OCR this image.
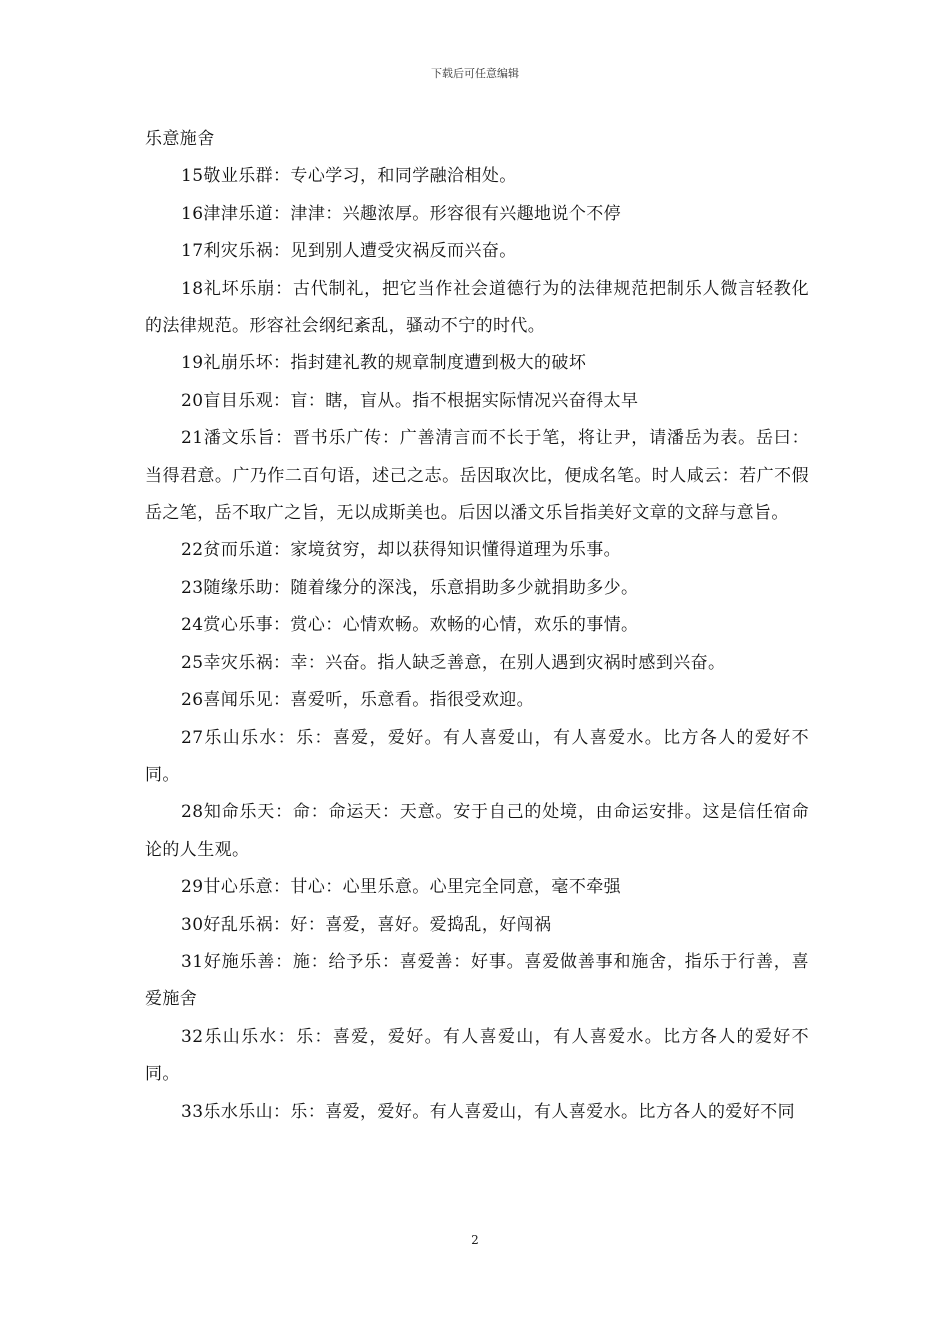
下载后可任意编辑

乐意施舍

15敬业乐群：专心学习，和同学融洽相处。

16津津乐道：津津：兴趣浓厚。形容很有兴趣地说个不停

17利灾乐祸：见到别人遭受灾祸反而兴奋。

18礼坏乐崩：古代制礼，把它当作社会道德行为的法律规范把制乐人微言轻教化的法律规范。形容社会纲纪紊乱，骚动不宁的时代。

19礼崩乐坏：指封建礼教的规章制度遭到极大的破坏

20盲目乐观：盲：瞎，盲从。指不根据实际情况兴奋得太早

21潘文乐旨：晋书乐广传：广善清言而不长于笔，将让尹，请潘岳为表。岳曰：当得君意。广乃作二百句语，述己之志。岳因取次比，便成名笔。时人咸云：若广不假岳之笔，岳不取广之旨，无以成斯美也。后因以潘文乐旨指美好文章的文辞与意旨。

22贫而乐道：家境贫穷，却以获得知识懂得道理为乐事。

23随缘乐助：随着缘分的深浅，乐意捐助多少就捐助多少。

24赏心乐事：赏心：心情欢畅。欢畅的心情，欢乐的事情。

25幸灾乐祸：幸：兴奋。指人缺乏善意，在别人遇到灾祸时感到兴奋。

26喜闻乐见：喜爱听，乐意看。指很受欢迎。

27乐山乐水：乐：喜爱，爱好。有人喜爱山，有人喜爱水。比方各人的爱好不同。

28知命乐天：命：命运天：天意。安于自己的处境，由命运安排。这是信任宿命论的人生观。

29甘心乐意：甘心：心里乐意。心里完全同意，毫不牵强

30好乱乐祸：好：喜爱，喜好。爱捣乱，好闯祸

31好施乐善：施：给予乐：喜爱善：好事。喜爱做善事和施舍，指乐于行善，喜爱施舍

32乐山乐水：乐：喜爱，爱好。有人喜爱山，有人喜爱水。比方各人的爱好不同。

33乐水乐山：乐：喜爱，爱好。有人喜爱山，有人喜爱水。比方各人的爱好不同

2
